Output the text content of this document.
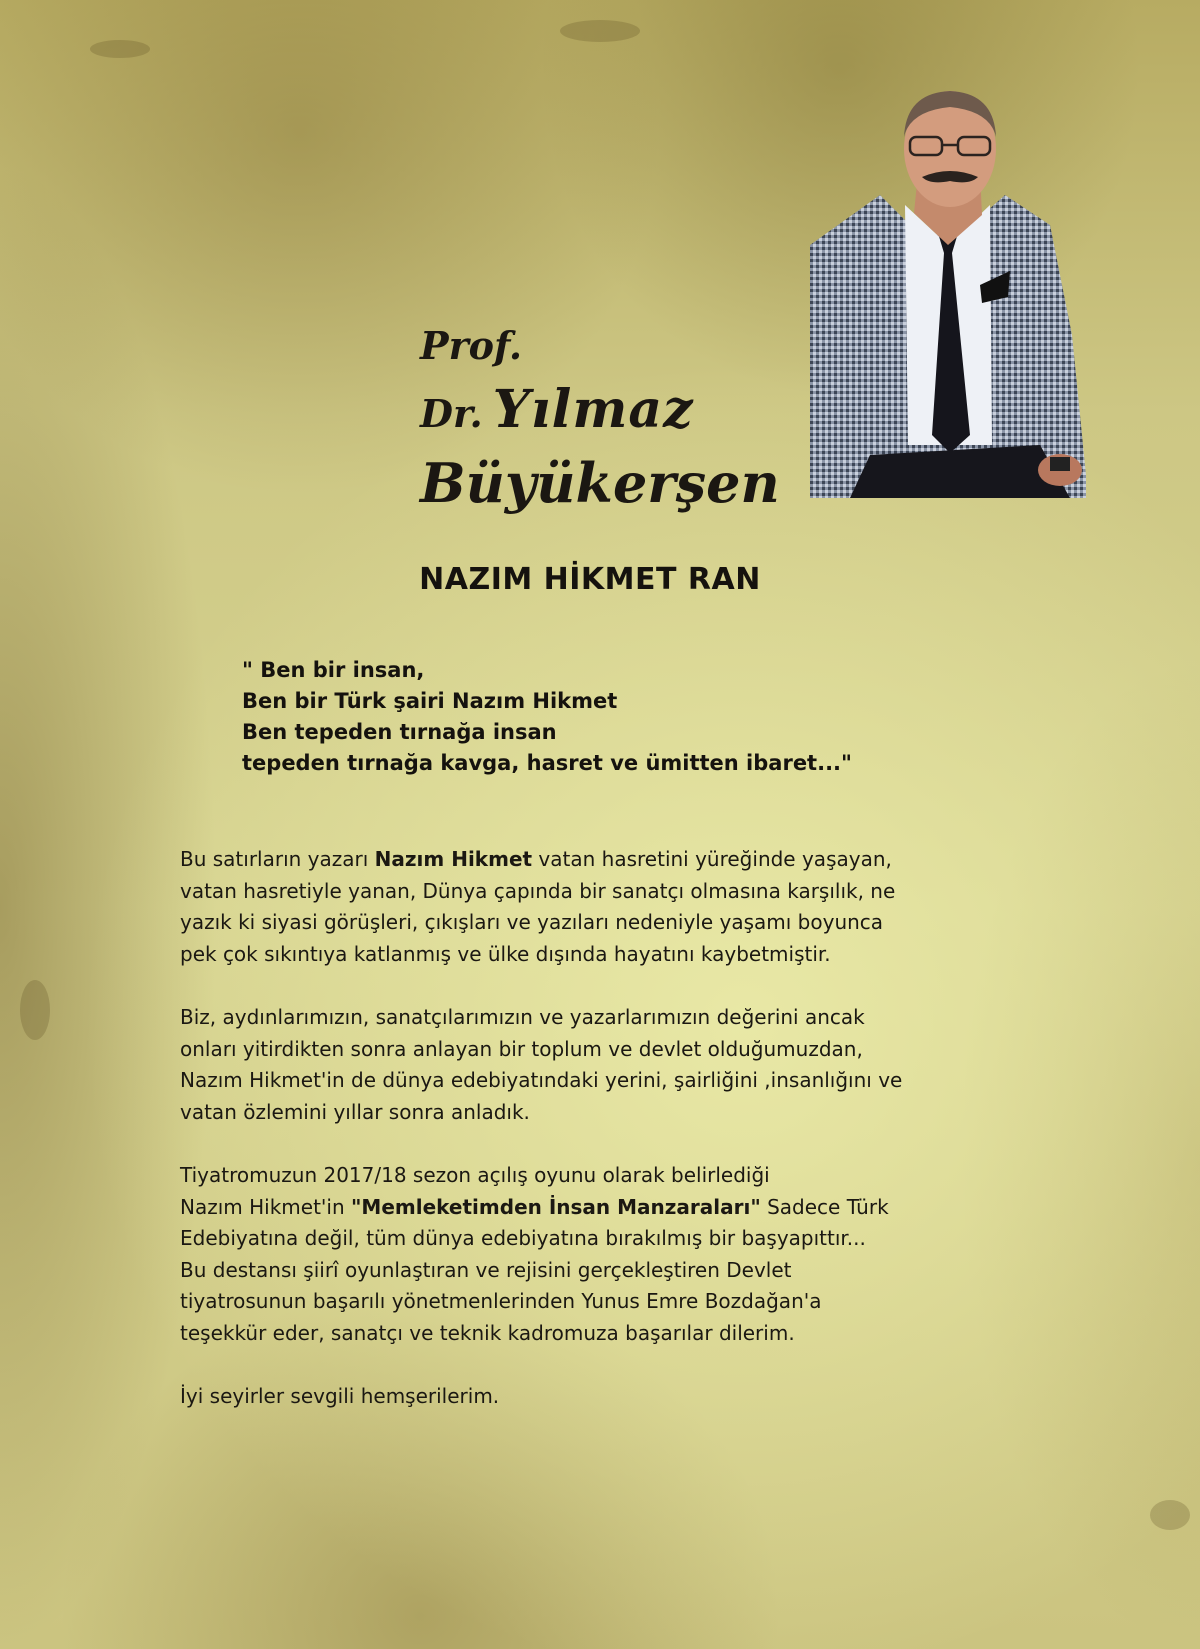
Prof. Dr. Yılmaz
Büyükerşen
NAZIM HİKMET RAN
" Ben bir insan,
Ben bir Türk şairi Nazım Hikmet
Ben tepeden tırnağa insan
tepeden tırnağa kavga, hasret ve ümitten ibaret..."
Bu satırların yazarı Nazım Hikmet vatan hasretini yüreğinde yaşayan,
vatan hasretiyle yanan, Dünya çapında bir sanatçı olmasına karşılık, ne
yazık ki siyasi görüşleri, çıkışları ve yazıları nedeniyle yaşamı boyunca
pek çok sıkıntıya katlanmış ve ülke dışında hayatını kaybetmiştir.
Biz, aydınlarımızın, sanatçılarımızın ve yazarlarımızın değerini ancak
onları yitirdikten sonra anlayan bir toplum ve devlet olduğumuzdan,
Nazım Hikmet'in de dünya edebiyatındaki yerini, şairliğini ,insanlığını ve
vatan özlemini yıllar sonra anladık.
Tiyatromuzun 2017/18 sezon açılış oyunu olarak belirlediği
Nazım Hikmet'in "Memleketimden İnsan Manzaraları" Sadece Türk
Edebiyatına değil, tüm dünya edebiyatına bırakılmış bir başyapıttır...
Bu destansı şiirî oyunlaştıran ve rejisini gerçekleştiren Devlet
tiyatrosunun başarılı yönetmenlerinden Yunus Emre Bozdağan'a
teşekkür eder, sanatçı ve teknik kadromuza başarılar dilerim.
İyi seyirler sevgili hemşerilerim.
